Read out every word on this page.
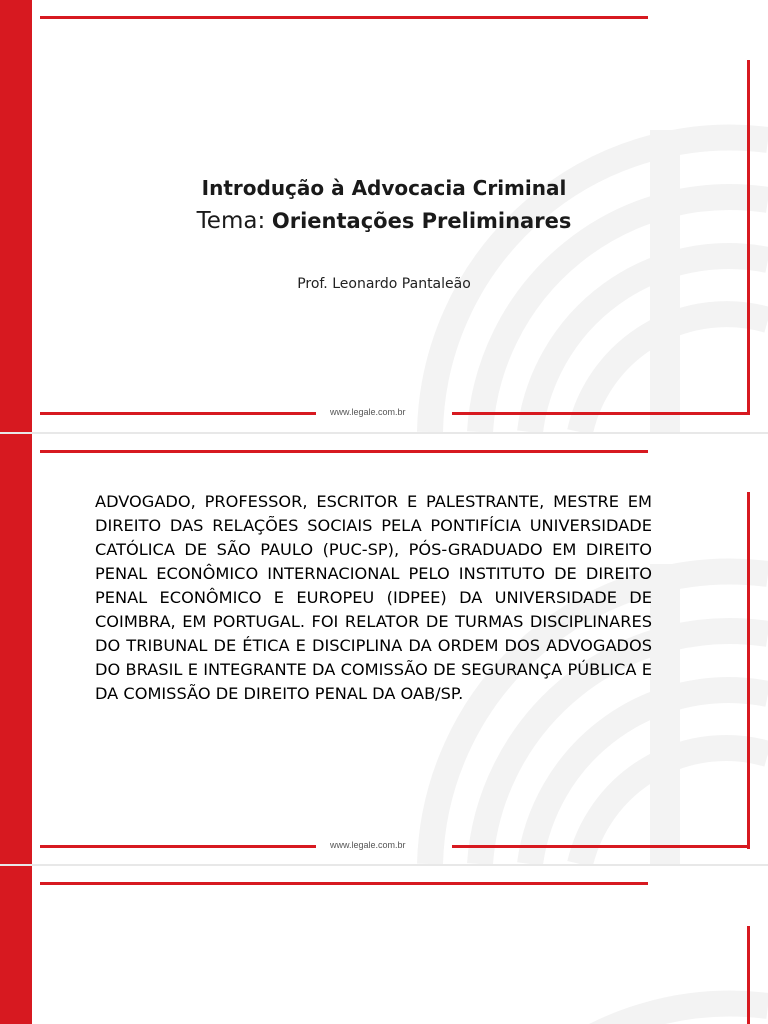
www.legale.com.br
Introdução à Advocacia Criminal
Tema: Orientações Preliminares
Prof. Leonardo Pantaleão
www.legale.com.br
ADVOGADO, PROFESSOR, ESCRITOR E PALESTRANTE, MESTRE EM DIREITO DAS RELAÇÕES SOCIAIS PELA PONTIFÍCIA UNIVERSIDADE CATÓLICA DE SÃO PAULO (PUC-SP), PÓS-GRADUADO EM DIREITO PENAL ECONÔMICO INTERNACIONAL PELO INSTITUTO DE DIREITO PENAL ECONÔMICO E EUROPEU (IDPEE) DA UNIVERSIDADE DE COIMBRA, EM PORTUGAL. FOI RELATOR DE TURMAS DISCIPLINARES DO TRIBUNAL DE ÉTICA E DISCIPLINA DA ORDEM DOS ADVOGADOS DO BRASIL E INTEGRANTE DA COMISSÃO DE SEGURANÇA PÚBLICA E DA COMISSÃO DE DIREITO PENAL DA OAB/SP.
